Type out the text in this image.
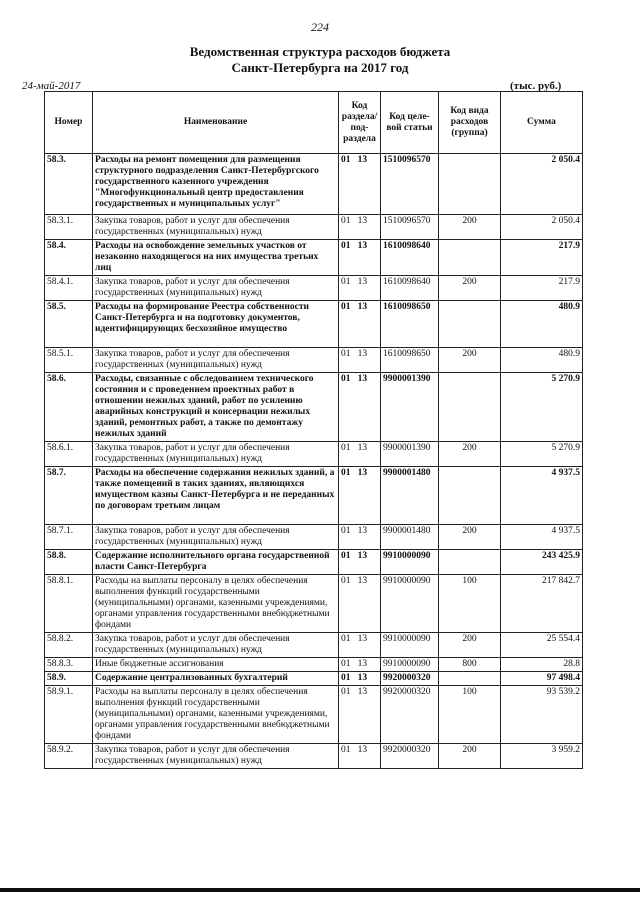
224
Ведомственная структура расходов бюджета
Санкт-Петербурга на 2017 год
24-май-2017	(тыс. руб.)
Номер	Наименование	Код раздела/ под-раздела	Код целе-вой статьи	Код вида расходов (группа)	Сумма
58.3.	Расходы на ремонт помещения для размещения структурного подразделения Санкт-Петербургского государственного казенного учреждения "Многофункциональный центр предоставления государственных и муниципальных услуг"	01 13	1510096570		2 050.4
58.3.1.	Закупка товаров, работ и услуг для обеспечения государственных (муниципальных) нужд	01 13	1510096570	200	2 050.4
58.4.	Расходы на освобождение земельных участков от незаконно находящегося на них имущества третьих лиц	01 13	1610098640		217.9
58.4.1.	Закупка товаров, работ и услуг для обеспечения государственных (муниципальных) нужд	01 13	1610098640	200	217.9
58.5.	Расходы на формирование Реестра собственности Санкт-Петербурга и на подготовку документов, идентифицирующих бесхозяйное имущество	01 13	1610098650		480.9
58.5.1.	Закупка товаров, работ и услуг для обеспечения государственных (муниципальных) нужд	01 13	1610098650	200	480.9
58.6.	Расходы, связанные с обследованием технического состояния и с проведением проектных работ в отношении нежилых зданий, работ по усилению аварийных конструкций и консервации нежилых зданий, ремонтных работ, а также по демонтажу нежилых зданий	01 13	9900001390		5 270.9
58.6.1.	Закупка товаров, работ и услуг для обеспечения государственных (муниципальных) нужд	01 13	9900001390	200	5 270.9
58.7.	Расходы на обеспечение содержания нежилых зданий, а также помещений в таких зданиях, являющихся имуществом казны Санкт-Петербурга и не переданных по договорам третьим лицам	01 13	9900001480		4 937.5
58.7.1.	Закупка товаров, работ и услуг для обеспечения государственных (муниципальных) нужд	01 13	9900001480	200	4 937.5
58.8.	Содержание исполнительного органа государственной власти Санкт-Петербурга	01 13	9910000090		243 425.9
58.8.1.	Расходы на выплаты персоналу в целях обеспечения выполнения функций государственными (муниципальными) органами, казенными учреждениями, органами управления государственными внебюджетными фондами	01 13	9910000090	100	217 842.7
58.8.2.	Закупка товаров, работ и услуг для обеспечения государственных (муниципальных) нужд	01 13	9910000090	200	25 554.4
58.8.3.	Иные бюджетные ассигнования	01 13	9910000090	800	28.8
58.9.	Содержание централизованных бухгалтерий	01 13	9920000320		97 498.4
58.9.1.	Расходы на выплаты персоналу в целях обеспечения выполнения функций государственными (муниципальными) органами, казенными учреждениями, органами управления государственными внебюджетными фондами	01 13	9920000320	100	93 539.2
58.9.2.	Закупка товаров, работ и услуг для обеспечения государственных (муниципальных) нужд	01 13	9920000320	200	3 959.2
